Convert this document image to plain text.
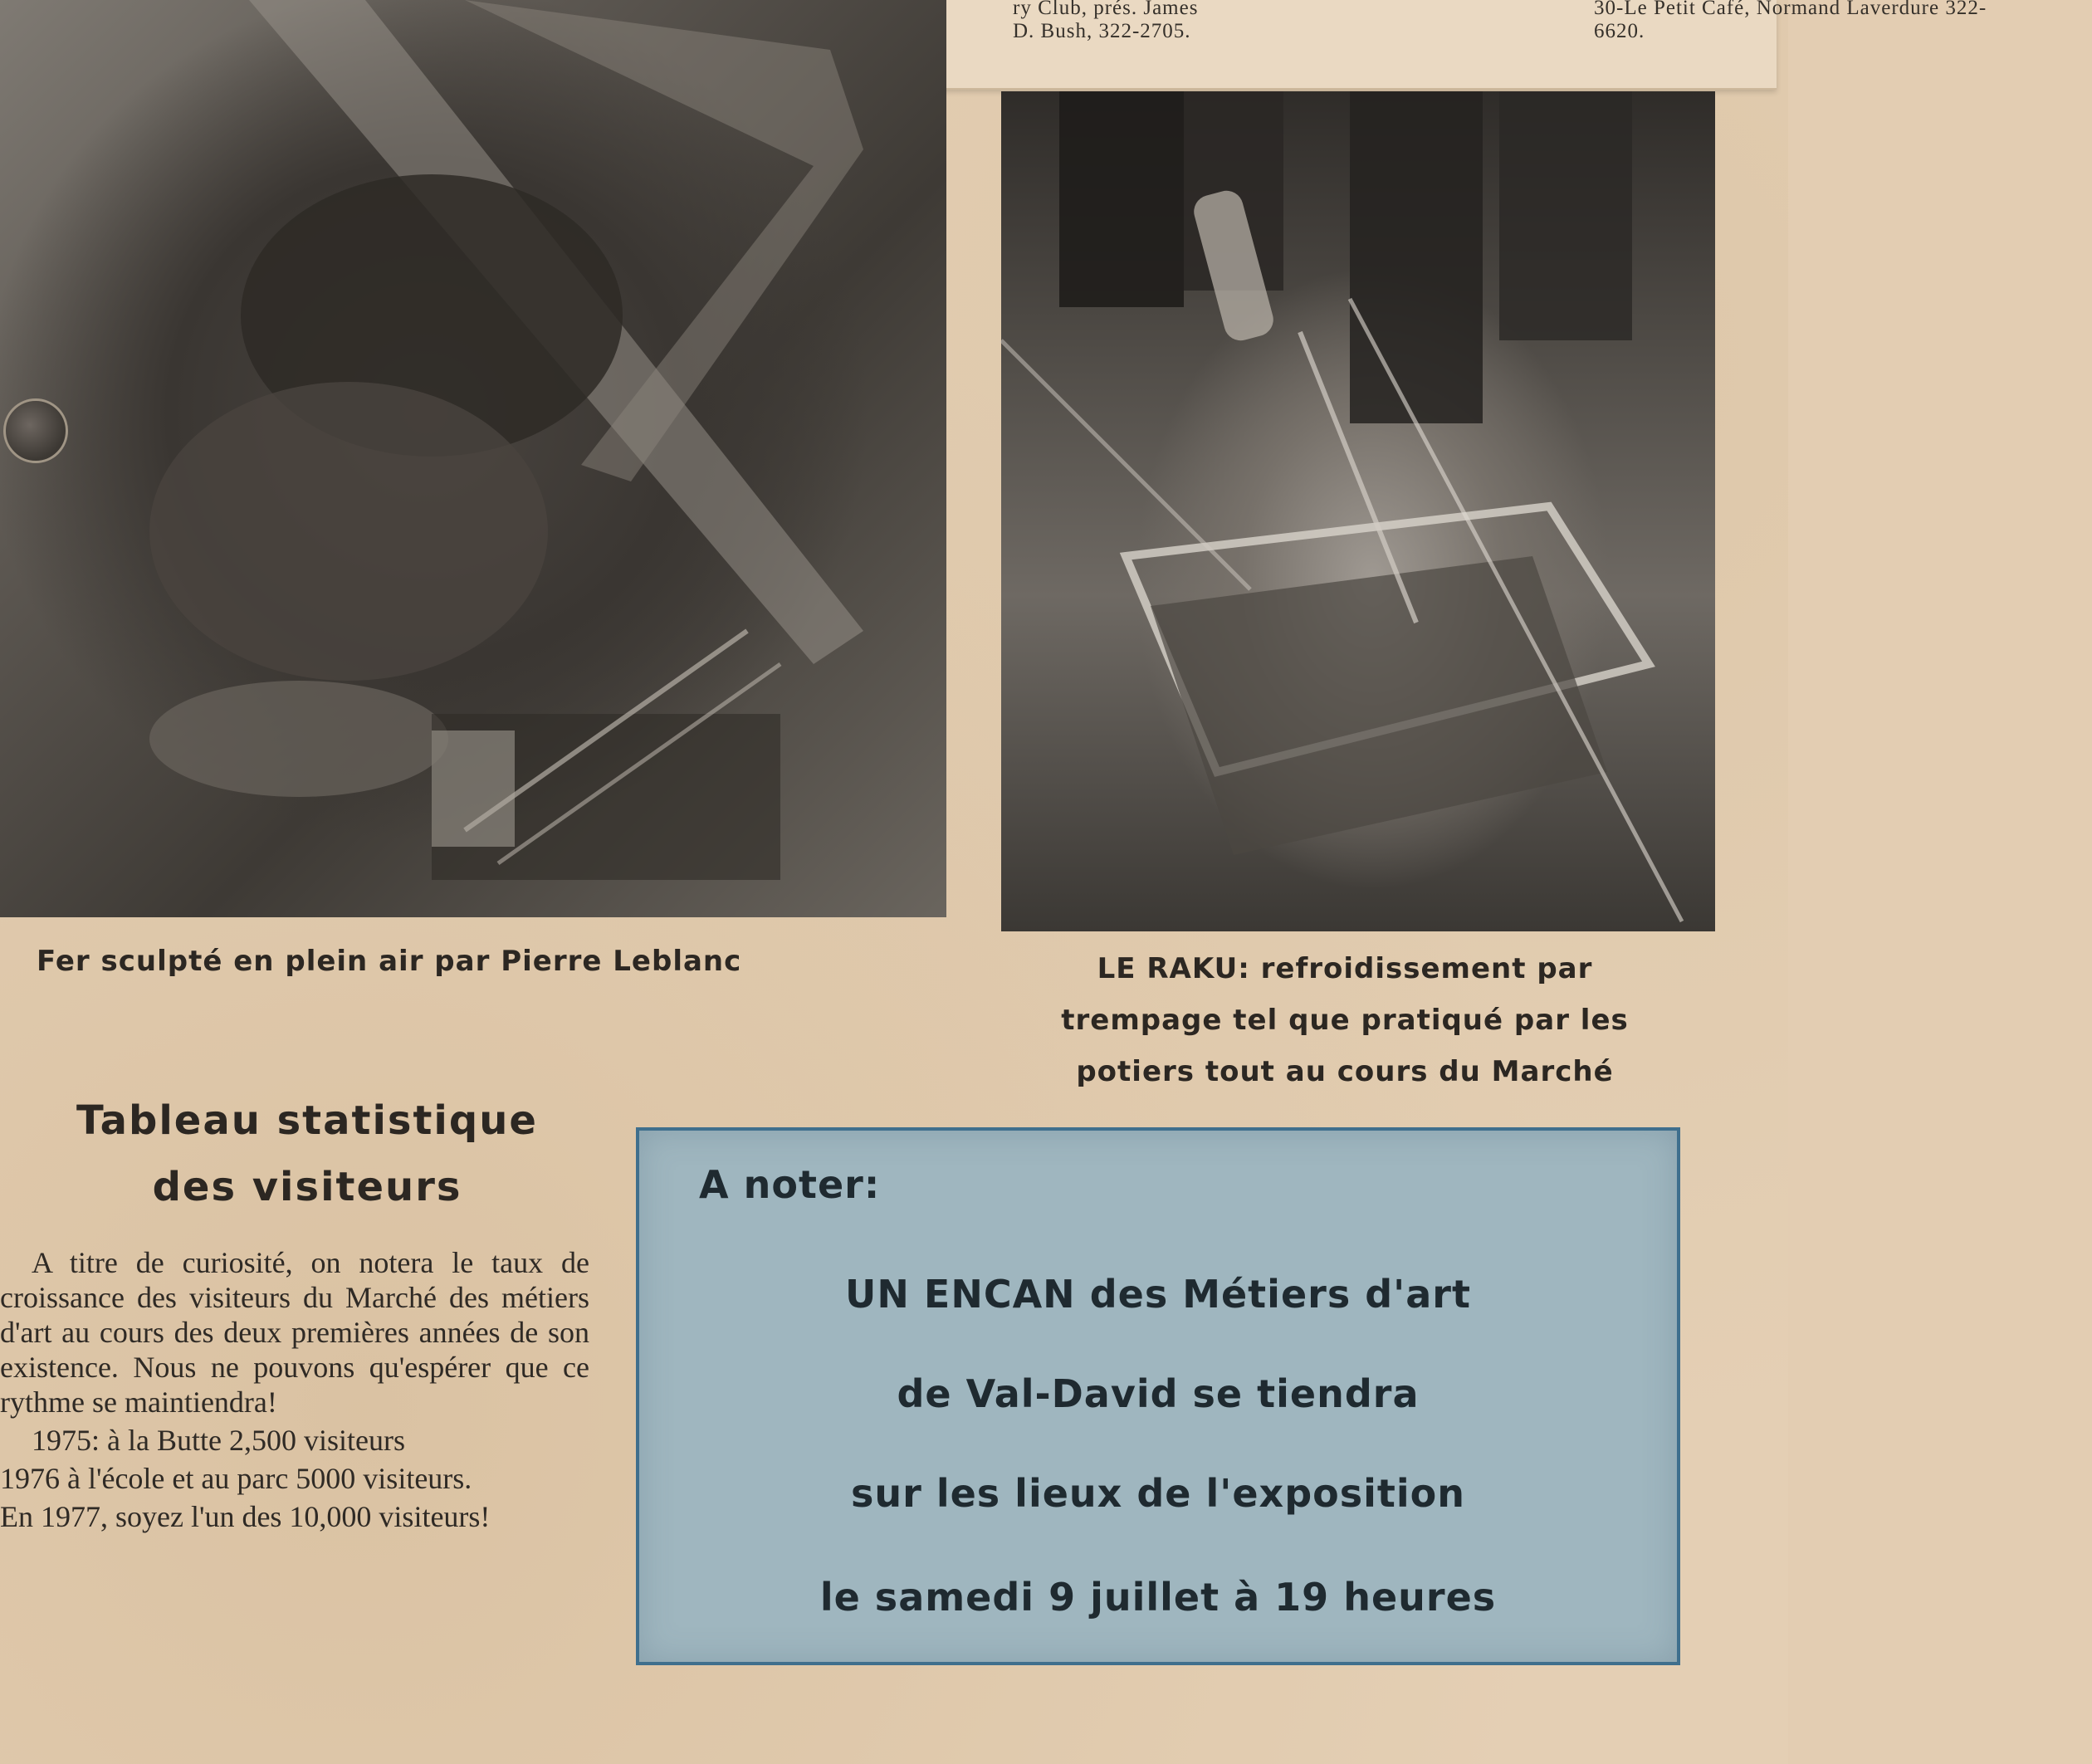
ry Club, prés. James
D. Bush, 322-2705.
30-Le Petit Café, Normand Laverdure 322-
6620.
Fer sculpté en plein air par Pierre Leblanc	LE RAKU: refroidissement par
trempage tel que pratiqué par les
potiers tout au cours du Marché
Tableau statistique
des visiteurs

A titre de curiosité, on notera le taux de croissance des visiteurs du Marché des métiers d'art au cours des deux premières années de son existence. Nous ne pouvons qu'espérer que ce rythme se maintiendra!

1975: à la Butte 2,500 visiteurs

1976 à l'école et au parc 5000 visiteurs.

En 1977, soyez l'un des 10,000 visiteurs!

A noter:
UN ENCAN des Métiers d'art
de Val-David se tiendra
sur les lieux de l'exposition
le samedi 9 juillet à 19 heures
